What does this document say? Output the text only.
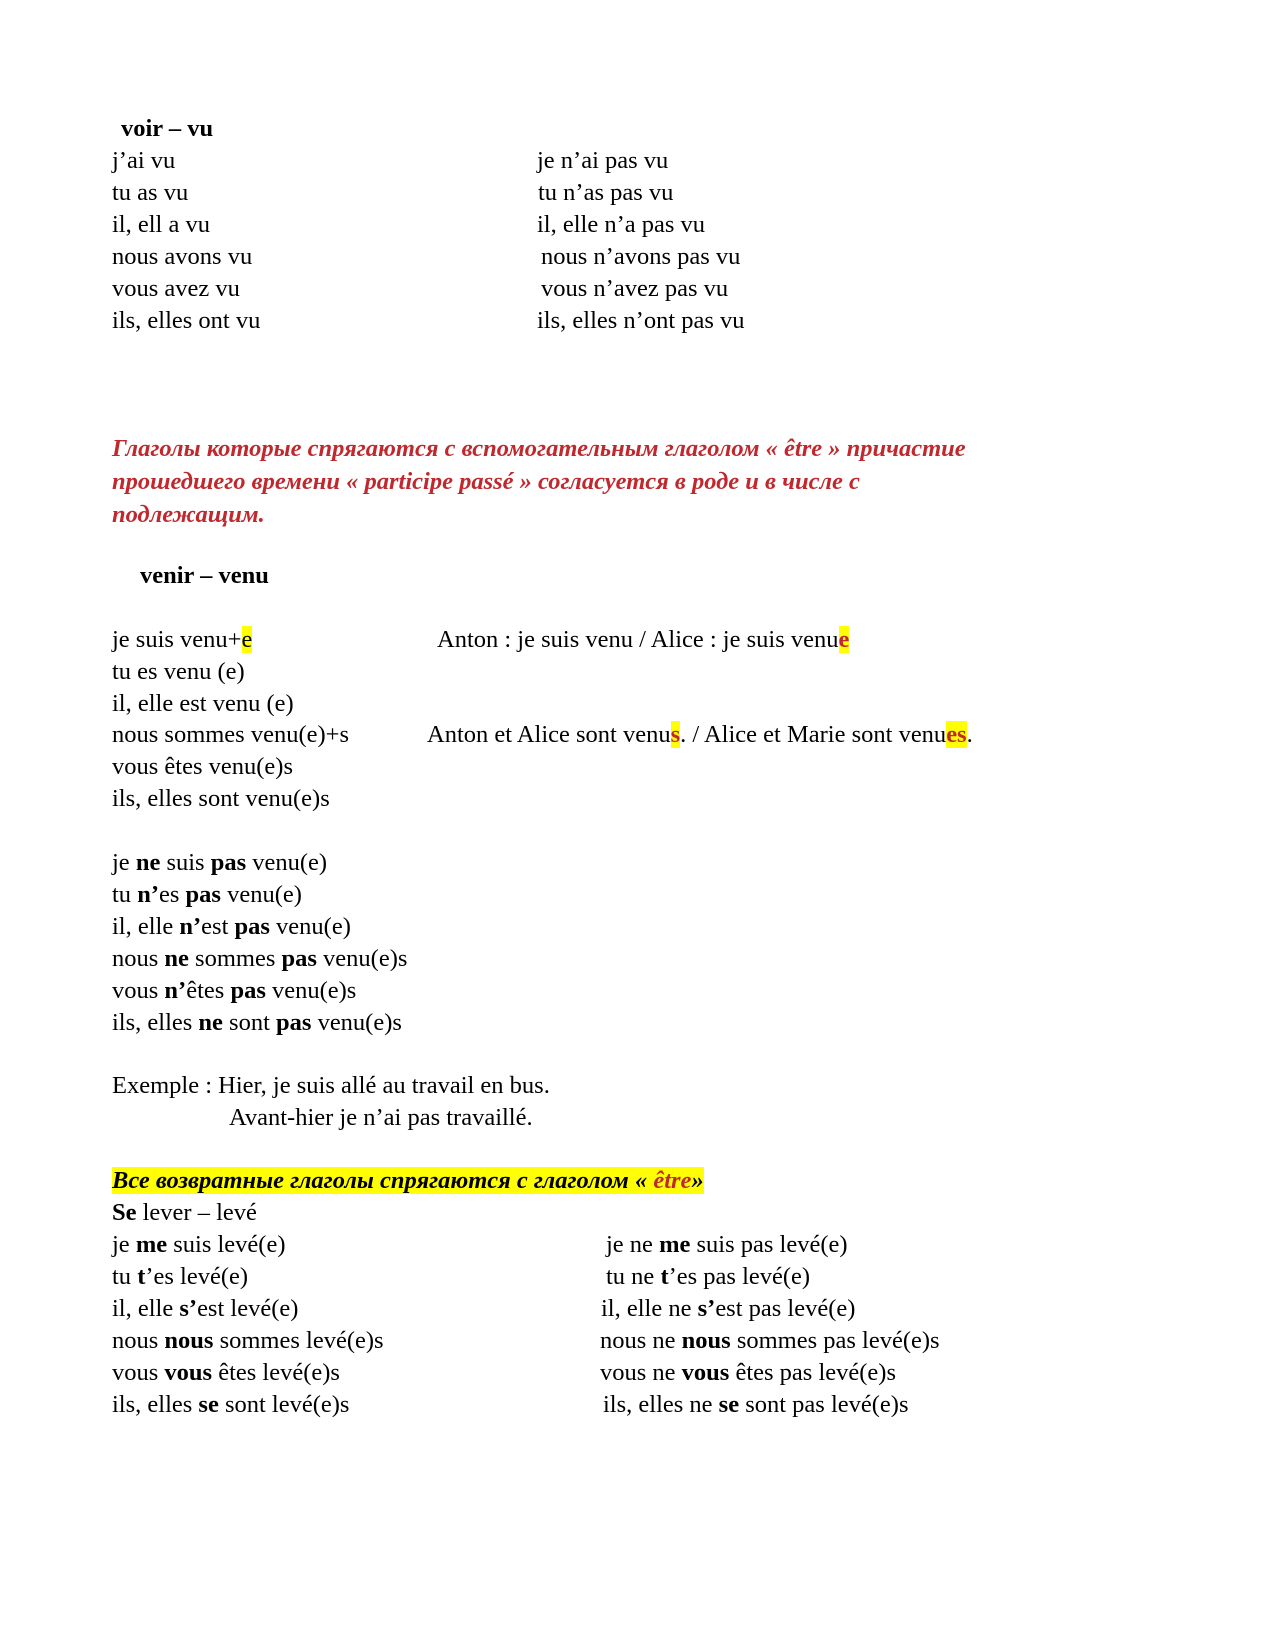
voir – vu
j’ai vu
tu as vu
il, ell a vu
nous avons vu
vous avez vu
ils, elles ont vu
je n’ai pas vu
tu n’as pas vu
il, elle n’a pas vu
nous n’avons pas vu
vous n’avez pas vu
ils, elles n’ont pas vu
Глаголы которые спрягаются с вспомогательным глаголом « être » причастие
прошедшего времени « participe passé » согласуется в роде и в числе с
подлежащим.
venir – venu
je suis venu+e	Anton : je suis venu / Alice : je suis venue
tu es venu (e)
il, elle est venu (e)
nous sommes venu(e)+s	Anton et Alice sont venus. / Alice et Marie sont venues.
vous êtes venu(e)s
ils, elles sont venu(e)s
je ne suis pas venu(e)
tu n’es pas venu(e)
il, elle n’est pas venu(e)
nous ne sommes pas venu(e)s
vous n’êtes pas venu(e)s
ils, elles ne sont pas venu(e)s
Exemple : Hier, je suis allé au travail en bus.
Avant-hier je n’ai pas travaillé.
Все возвратные глаголы спрягаются с глаголом « être»
Se lever – levé
je me suis levé(e)
tu t’es levé(e)
il, elle s’est levé(e)
nous nous sommes levé(e)s
vous vous êtes levé(e)s
ils, elles se sont levé(e)s
je ne me suis pas levé(e)
tu ne t’es pas levé(e)
il, elle ne s’est pas levé(e)
nous ne nous sommes pas levé(e)s
vous ne vous êtes pas levé(e)s
ils, elles ne se sont pas levé(e)s
